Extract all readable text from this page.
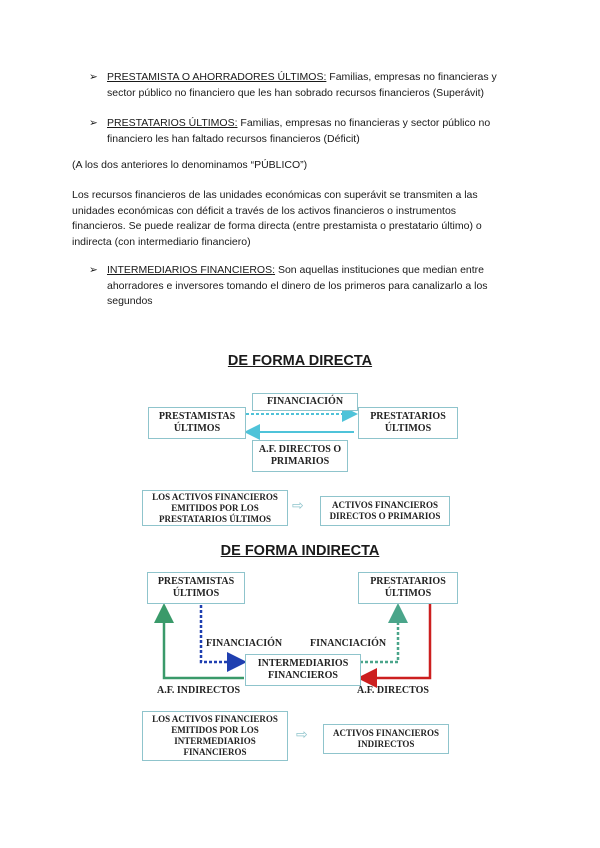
➢ PRESTAMISTA O AHORRADORES ÚLTIMOS: Familias, empresas no financieras y
sector público no financiero que les han sobrado recursos financieros (Superávit)
➢ PRESTATARIOS ÚLTIMOS: Familias, empresas no financieras y sector público no
financiero les han faltado recursos financieros (Déficit)
(A los dos anteriores lo denominamos “PÚBLICO”)
Los recursos financieros de las unidades económicas con superávit se transmiten a las
unidades económicas con déficit a través de los activos financieros o instrumentos
financieros. Se puede realizar de forma directa (entre prestamista o prestatario último) o
indirecta (con intermediario financiero)
➢ INTERMEDIARIOS FINANCIEROS: Son aquellas instituciones que median entre
ahorradores e inversores tomando el dinero de los primeros para canalizarlo a los
segundos
DE FORMA DIRECTA
FINANCIACIÓN
PRESTAMISTAS ÚLTIMOS
PRESTATARIOS ÚLTIMOS
A.F. DIRECTOS O PRIMARIOS
LOS ACTIVOS FINANCIEROS EMITIDOS POR LOS PRESTATARIOS ÚLTIMOS
⇨	ACTIVOS FINANCIEROS DIRECTOS O PRIMARIOS
DE FORMA INDIRECTA
PRESTAMISTAS ÚLTIMOS
PRESTATARIOS ÚLTIMOS
FINANCIACIÓN	FINANCIACIÓN
INTERMEDIARIOS FINANCIEROS
A.F. INDIRECTOS	A.F. DIRECTOS
LOS ACTIVOS FINANCIEROS EMITIDOS POR LOS INTERMEDIARIOS FINANCIEROS
⇨	ACTIVOS FINANCIEROS INDIRECTOS
